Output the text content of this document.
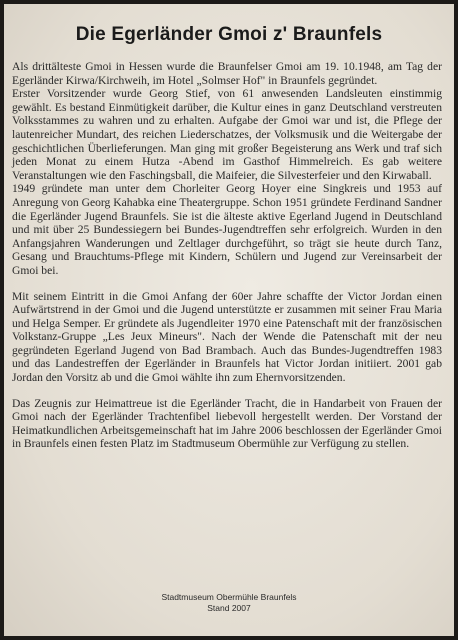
Die Egerländer Gmoi z' Braunfels

Als drittälteste Gmoi in Hessen wurde die Braunfelser Gmoi am 19. 10.1948, am Tag der Egerländer Kirwa/Kirchweih, im Hotel „Solmser Hof" in Braunfels gegründet.

Erster Vorsitzender wurde Georg Stief, von 61 anwesenden Landsleuten einstimmig gewählt. Es bestand Einmütigkeit darüber, die Kultur eines in ganz Deutschland verstreuten Volksstammes zu wahren und zu erhalten. Aufgabe der Gmoi war und ist, die Pflege der lautenreicher Mundart, des reichen Liederschatzes, der Volksmusik und die Weitergabe der geschichtlichen Überlieferungen. Man ging mit großer Begeisterung ans Werk und traf sich jeden Monat zu einem Hutza -Abend im Gasthof Himmelreich. Es gab weitere Veranstaltungen wie den Faschingsball, die Maifeier, die Silvesterfeier und den Kirwaball.

1949 gründete man unter dem Chorleiter Georg Hoyer eine Singkreis und 1953 auf Anregung von Georg Kahabka eine Theatergruppe. Schon 1951 gründete Ferdinand Sandner die Egerländer Jugend Braunfels. Sie ist die älteste aktive Egerland Jugend in Deutschland und mit über 25 Bundessiegern bei Bundes-Jugendtreffen sehr erfolgreich. Wurden in den Anfangsjahren Wanderungen und Zeltlager durchgeführt, so trägt sie heute durch Tanz, Gesang und Brauchtums-Pflege mit Kindern, Schülern und Jugend zur Vereinsarbeit der Gmoi bei.

Mit seinem Eintritt in die Gmoi Anfang der 60er Jahre schaffte der Victor Jordan einen Aufwärtstrend in der Gmoi und die Jugend unterstützte er zusammen mit seiner Frau Maria und Helga Semper. Er gründete als Jugendleiter 1970 eine Patenschaft mit der französischen Volkstanz-Gruppe „Les Jeux Mineurs". Nach der Wende die Patenschaft mit der neu gegründeten Egerland Jugend von Bad Brambach. Auch das Bundes-Jugendtreffen 1983 und das Landestreffen der Egerländer in Braunfels hat Victor Jordan initiiert. 2001 gab Jordan den Vorsitz ab und die Gmoi wählte ihn zum Ehernvorsitzenden.

Das Zeugnis zur Heimattreue ist die Egerländer Tracht, die in Handarbeit von Frauen der Gmoi nach der Egerländer Trachtenfibel liebevoll hergestellt werden. Der Vorstand der Heimatkundlichen Arbeitsgemeinschaft hat im Jahre 2006 beschlossen der Egerländer Gmoi in Braunfels einen festen Platz im Stadtmuseum Obermühle zur Verfügung zu stellen.

Stadtmuseum Obermühle Braunfels
Stand 2007
